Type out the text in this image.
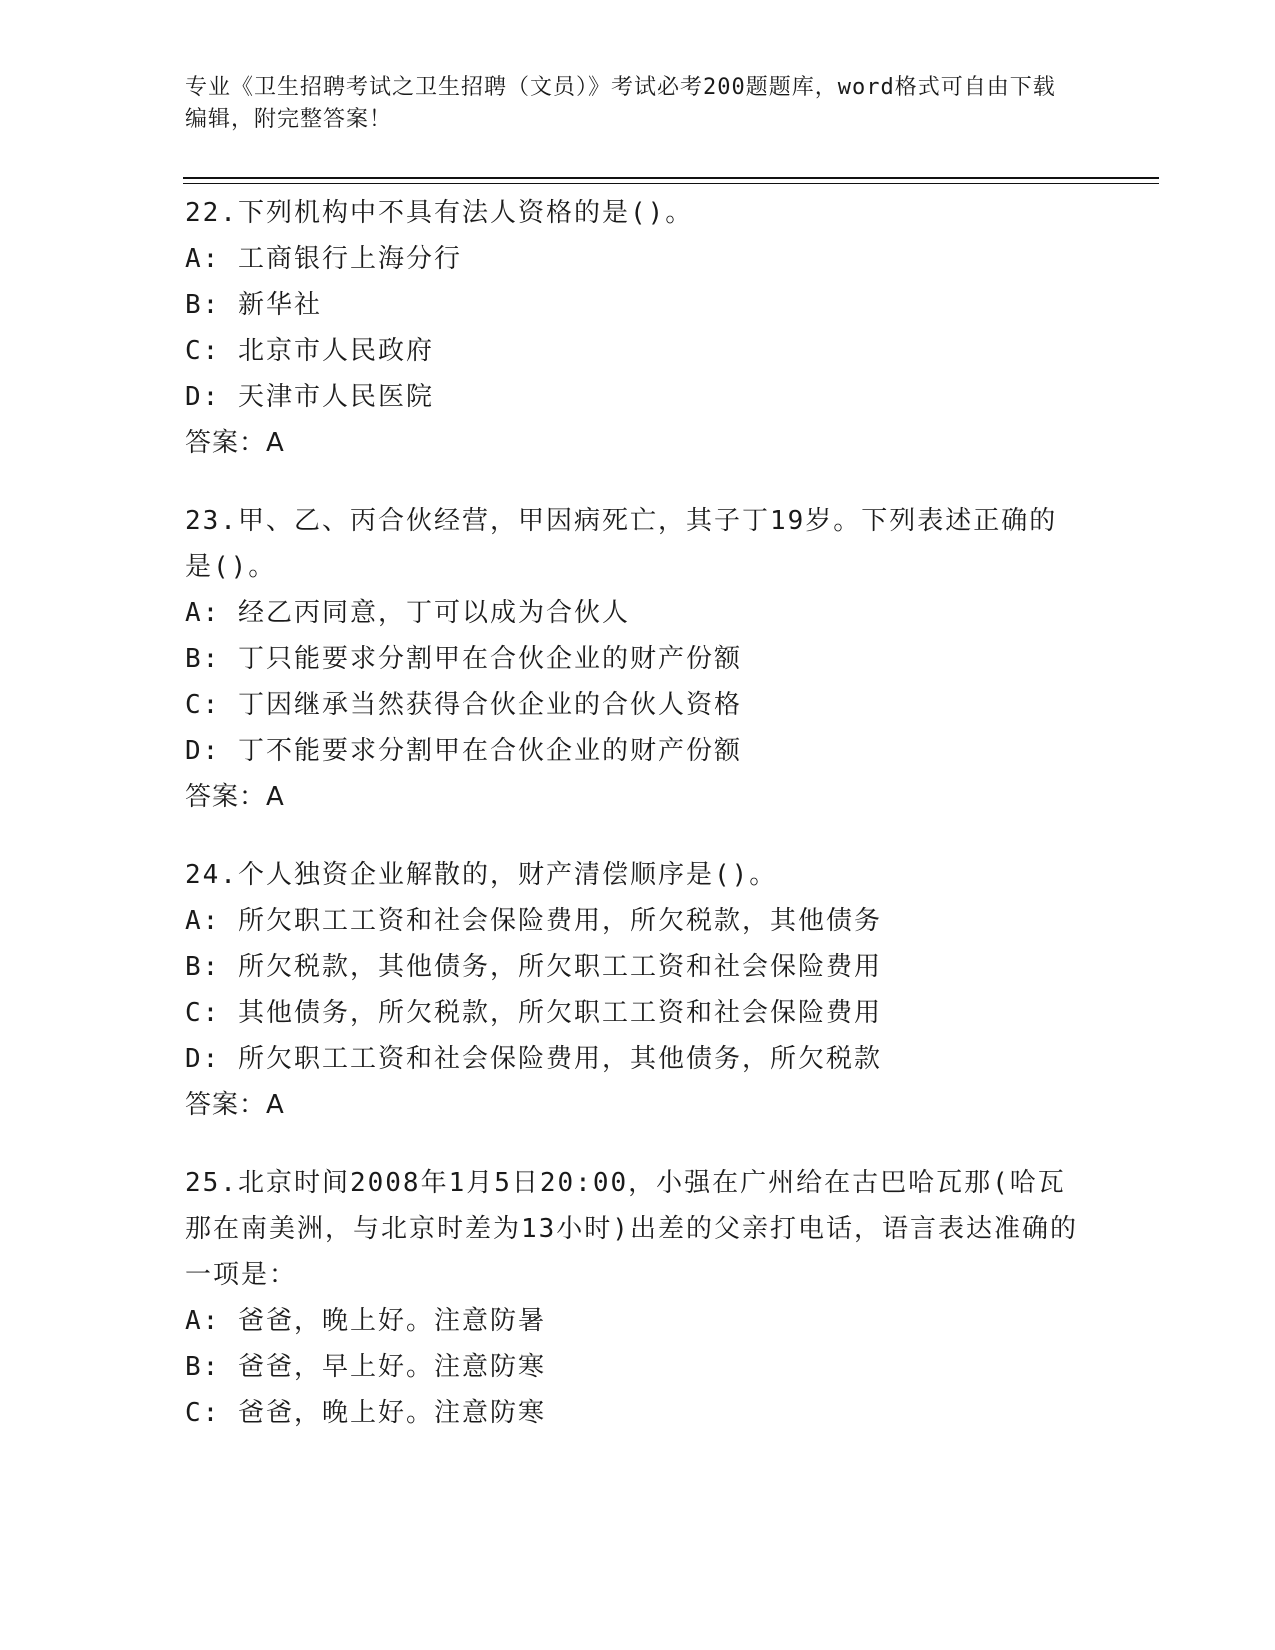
专业《卫生招聘考试之卫生招聘（文员）》考试必考200题题库，word格式可自由下载编辑，附完整答案！

22.下列机构中不具有法人资格的是()。

A: 工商银行上海分行

B: 新华社

C: 北京市人民政府

D: 天津市人民医院

答案：A

23.甲、乙、丙合伙经营，甲因病死亡，其子丁19岁。下列表述正确的是()。

A: 经乙丙同意，丁可以成为合伙人

B: 丁只能要求分割甲在合伙企业的财产份额

C: 丁因继承当然获得合伙企业的合伙人资格

D: 丁不能要求分割甲在合伙企业的财产份额

答案：A

24.个人独资企业解散的，财产清偿顺序是()。

A: 所欠职工工资和社会保险费用，所欠税款，其他债务

B: 所欠税款，其他债务，所欠职工工资和社会保险费用

C: 其他债务，所欠税款，所欠职工工资和社会保险费用

D: 所欠职工工资和社会保险费用，其他债务，所欠税款

答案：A

25.北京时间2008年1月5日20:00，小强在广州给在古巴哈瓦那(哈瓦那在南美洲，与北京时差为13小时)出差的父亲打电话，语言表达准确的一项是：

A: 爸爸，晚上好。注意防暑

B: 爸爸，早上好。注意防寒

C: 爸爸，晚上好。注意防寒
